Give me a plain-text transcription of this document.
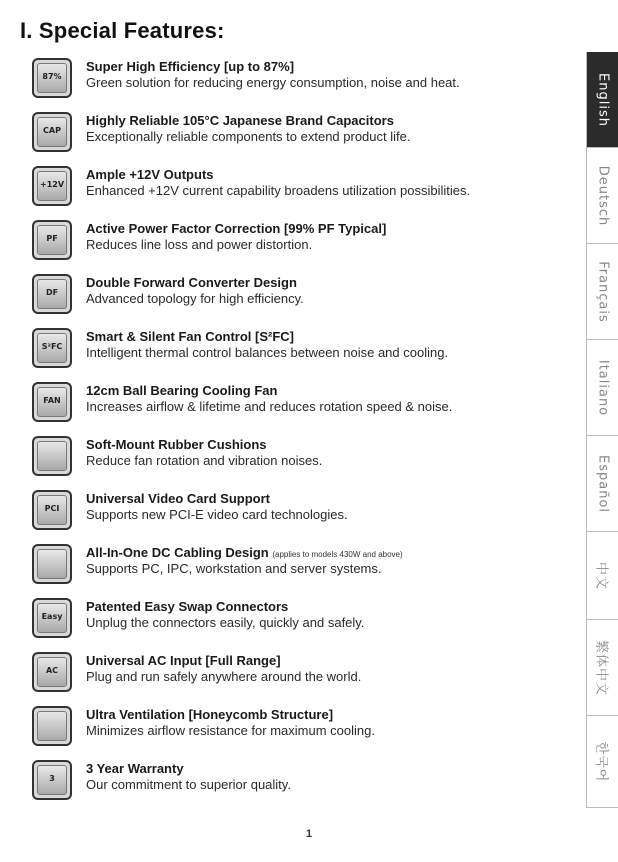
I. Special Features:
87%
Super High Efficiency [up to 87%]
Green solution for reducing energy consumption, noise and heat.
CAP
Highly Reliable 105°C Japanese Brand Capacitors
Exceptionally reliable components to extend product life.
+12V
Ample +12V Outputs
Enhanced +12V current capability broadens utilization possibilities.
PF
Active Power Factor Correction [99% PF Typical]
Reduces line loss and power distortion.
DF
Double Forward Converter Design
Advanced topology for high efficiency.
S²FC
Smart & Silent Fan Control [S²FC]
Intelligent thermal control balances between noise and cooling.
FAN
12cm Ball Bearing Cooling Fan
Increases airflow & lifetime and reduces rotation speed & noise.
Soft-Mount Rubber Cushions
Reduce fan rotation and vibration noises.
PCI
Universal Video Card Support
Supports new PCI-E video card technologies.
All-In-One DC Cabling Design (applies to models 430W and above)
Supports PC, IPC, workstation and server systems.
Easy
Patented Easy Swap Connectors
Unplug the connectors easily, quickly and safely.
AC
Universal AC Input [Full Range]
Plug and run safely anywhere around the world.
Ultra Ventilation [Honeycomb Structure]
Minimizes airflow resistance for maximum cooling.
3
3 Year Warranty
Our commitment to superior quality.
English
Deutsch
Français
Italiano
Español
中文
繁体中文
한국어
1
